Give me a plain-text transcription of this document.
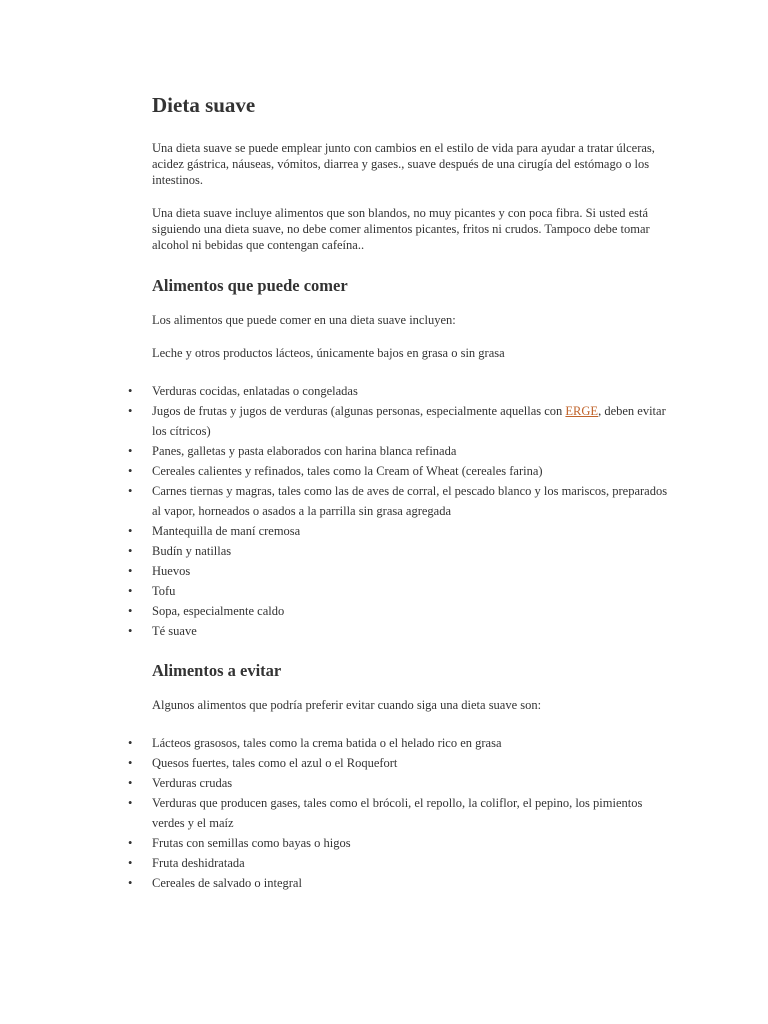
Dieta suave

Una dieta suave se puede emplear junto con cambios en el estilo de vida para ayudar a tratar úlceras, acidez gástrica, náuseas, vómitos, diarrea y gases., suave después de una cirugía del estómago o los intestinos.

Una dieta suave incluye alimentos que son blandos, no muy picantes y con poca fibra. Si usted está siguiendo una dieta suave, no debe comer alimentos picantes, fritos ni crudos. Tampoco debe tomar alcohol ni bebidas que contengan cafeína..

Alimentos que puede comer

Los alimentos que puede comer en una dieta suave incluyen:

Leche y otros productos lácteos, únicamente bajos en grasa o sin grasa

• Verduras cocidas, enlatadas o congeladas
• Jugos de frutas y jugos de verduras (algunas personas, especialmente aquellas con ERGE, deben evitar los cítricos)
• Panes, galletas y pasta elaborados con harina blanca refinada
• Cereales calientes y refinados, tales como la Cream of Wheat (cereales farina)
• Carnes tiernas y magras, tales como las de aves de corral, el pescado blanco y los mariscos, preparados al vapor, horneados o asados a la parrilla sin grasa agregada
• Mantequilla de maní cremosa
• Budín y natillas
• Huevos
• Tofu
• Sopa, especialmente caldo
• Té suave
Alimentos a evitar

Algunos alimentos que podría preferir evitar cuando siga una dieta suave son:

• Lácteos grasosos, tales como la crema batida o el helado rico en grasa
• Quesos fuertes, tales como el azul o el Roquefort
• Verduras crudas
• Verduras que producen gases, tales como el brócoli, el repollo, la coliflor, el pepino, los pimientos verdes y el maíz
• Frutas con semillas como bayas o higos
• Fruta deshidratada
• Cereales de salvado o integral
